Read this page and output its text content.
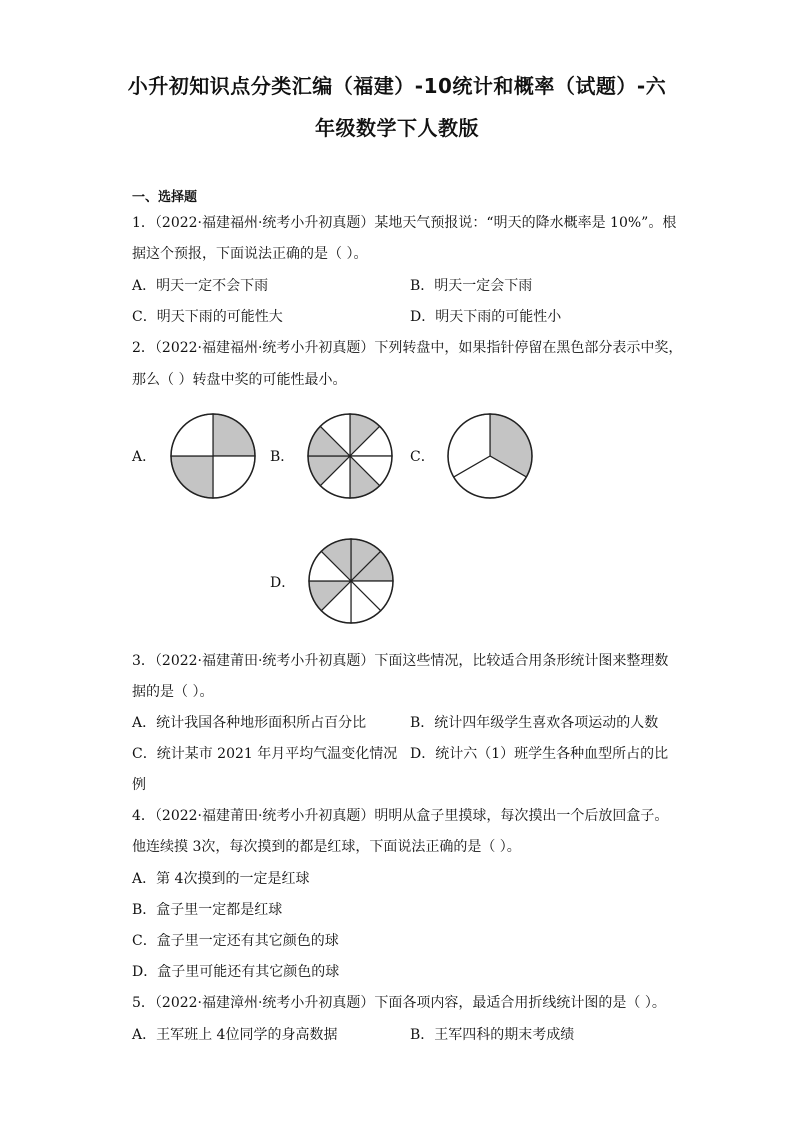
小升初知识点分类汇编（福建）-10统计和概率（试题）-六
年级数学下人教版
一、选择题
1．（2022·福建福州·统考小升初真题）某地天气预报说：“明天的降水概率是 10%”。根
据这个预报，下面说法正确的是（ ）。
A．明天一定不会下雨	B．明天一定会下雨
C．明天下雨的可能性大	D．明天下雨的可能性小
2．（2022·福建福州·统考小升初真题）下列转盘中，如果指针停留在黑色部分表示中奖，
那么（ ）转盘中奖的可能性最小。
A．	B．	C．
D．
3．（2022·福建莆田·统考小升初真题）下面这些情况，比较适合用条形统计图来整理数
据的是（ ）。
A．统计我国各种地形面积所占百分比	B．统计四年级学生喜欢各项运动的人数
C．统计某市 2021 年月平均气温变化情况 D．统计六（1）班学生各种血型所占的比
例
4．（2022·福建莆田·统考小升初真题）明明从盒子里摸球，每次摸出一个后放回盒子。
他连续摸 3次，每次摸到的都是红球，下面说法正确的是（ ）。
A．第 4次摸到的一定是红球
B．盒子里一定都是红球
C．盒子里一定还有其它颜色的球
D．盒子里可能还有其它颜色的球
5．（2022·福建漳州·统考小升初真题）下面各项内容，最适合用折线统计图的是（ ）。
A．王军班上 4位同学的身高数据	B．王军四科的期末考成绩
